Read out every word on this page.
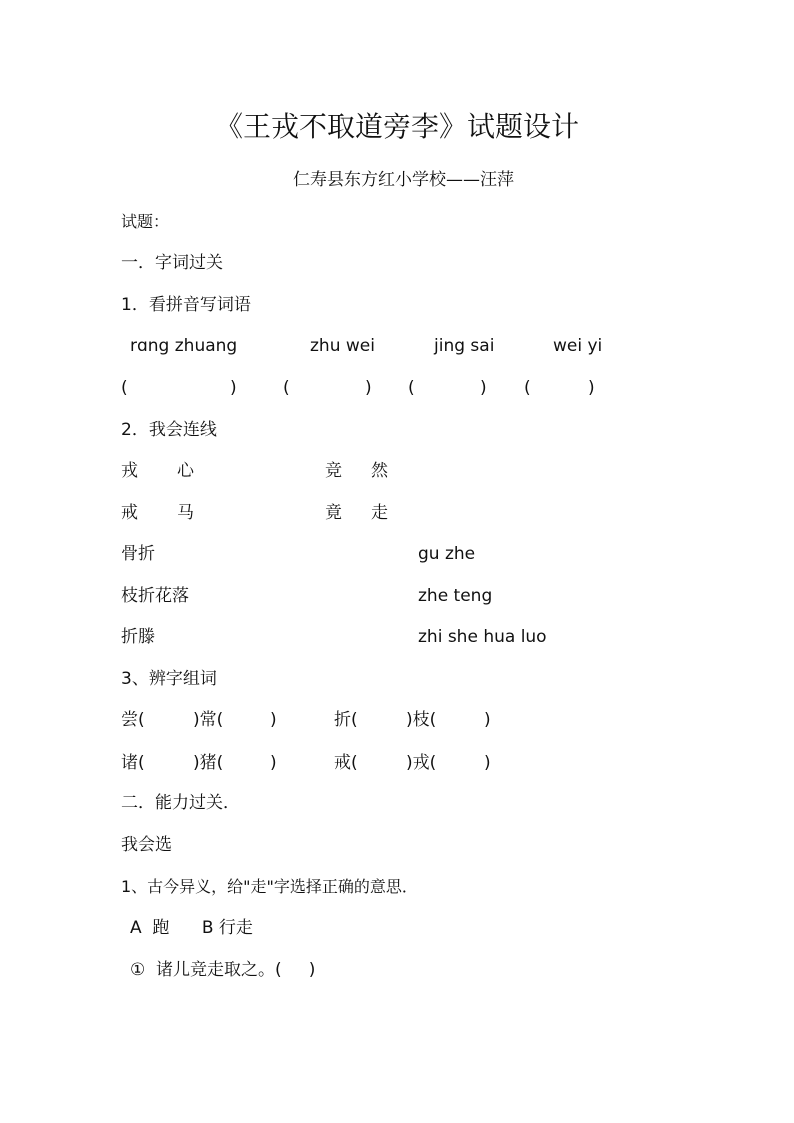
《王戎不取道旁李》试题设计
仁寿县东方红小学校——汪萍
试题：
一．字词过关
1．看拼音写词语
rɑng zhuang	zhu wei	jing sai	wei yi
(	)	(	) (	) (	)
2．我会连线
戎 心	竞 然
戒 马	竟 走
骨折	gu zhe
枝折花落	zhe teng
折滕	zhi she hua luo
3、辨字组词
尝(	)常(	)	折(	)枝(	)
诸(	)猪(	)	戒(	)戎(	)
二．能力过关．
我会选
1、古今异义，给"走"字选择正确的意思．
A  跑      B 行走
①  诸儿竞走取之。(     )
